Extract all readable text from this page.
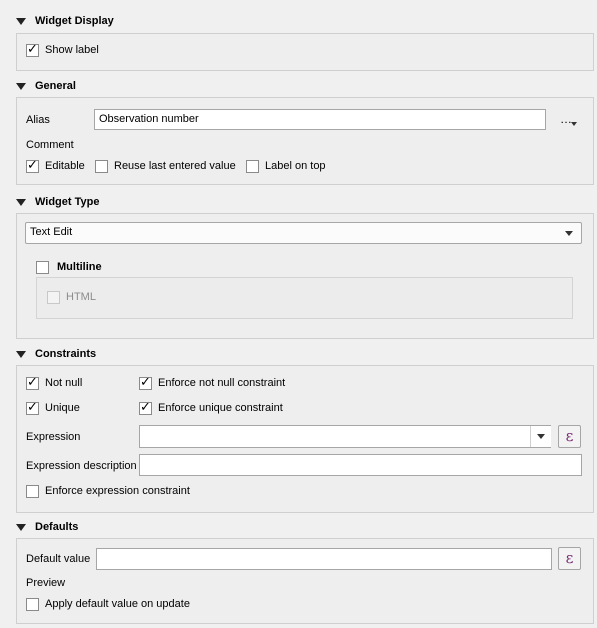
Widget Display
✓
Show label
General
Alias	Observation number	…
Comment
✓
Editable	Reuse last entered value	Label on top
Widget Type
Text Edit
Multiline
HTML
Constraints
✓
Not null ✓	Enforce not null constraint
✓
Unique ✓	Enforce unique constraint
Expression	ε
Expression description
Enforce expression constraint
Defaults
Default value	ε
Preview
Apply default value on update
